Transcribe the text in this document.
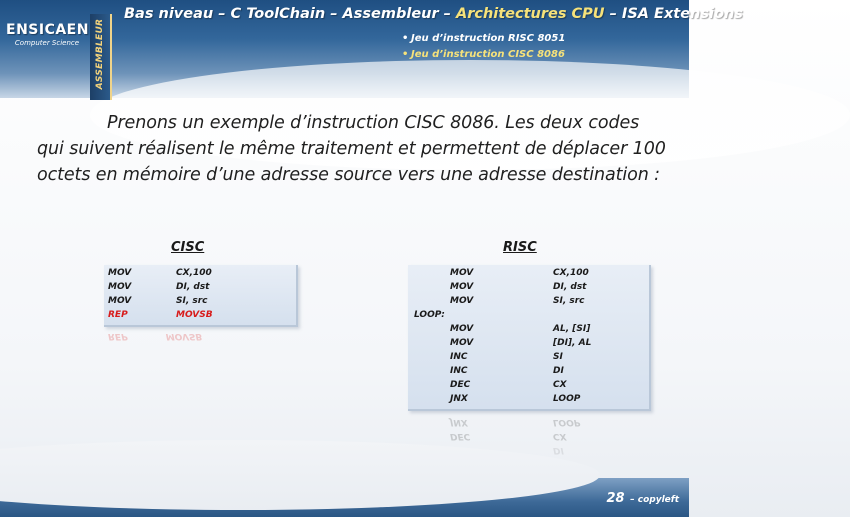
ENSICAEN
Computer Science	ASSEMBLEUR
Bas niveau – C ToolChain – Assembleur – Architectures CPU – ISA Extensions
• Jeu d’instruction RISC 8051
• Jeu d’instruction CISC 8086
Prenons un exemple d’instruction CISC 8086. Les deux codes qui suivent réalisent le même traitement et permettent de déplacer 100 octets en mémoire d’une adresse source vers une adresse destination :
CISC
MOV	CX,100
MOV	DI, dst
MOV	SI, src
REP	MOVSB
REP	MOVSB
RISC
MOV	CX,100
MOV	DI, dst
MOV	SI, src
LOOP:
MOV	AL, [SI]
MOV	[DI], AL
INC	SI
INC	DI
DEC	CX
JNX	LOOP
JNX	LOOP
DEC	CX
DI
28 – copyleft
